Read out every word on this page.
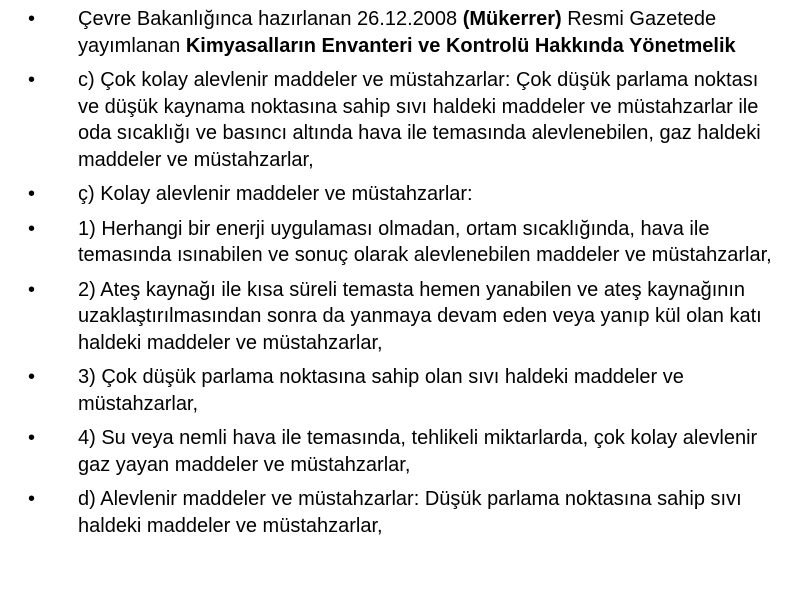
•	Çevre Bakanlığınca hazırlanan 26.12.2008 (Mükerrer) Resmi Gazetede yayımlanan Kimyasalların Envanteri ve Kontrolü Hakkında Yönetmelik
•	c) Çok kolay alevlenir maddeler ve müstahzarlar: Çok düşük parlama noktası ve düşük kaynama noktasına sahip sıvı haldeki maddeler ve müstahzarlar ile oda sıcaklığı ve basıncı altında hava ile temasında alevlenebilen, gaz haldeki maddeler ve müstahzarlar,
•	ç) Kolay alevlenir maddeler ve müstahzarlar:
•	1) Herhangi bir enerji uygulaması olmadan, ortam sıcaklığında, hava ile temasında ısınabilen ve sonuç olarak alevlenebilen maddeler ve müstahzarlar,
•	2) Ateş kaynağı ile kısa süreli temasta hemen yanabilen ve ateş kaynağının uzaklaştırılmasından sonra da yanmaya devam eden veya yanıp kül olan katı haldeki maddeler ve müstahzarlar,
•	3) Çok düşük parlama noktasına sahip olan sıvı haldeki maddeler ve müstahzarlar,
•	4) Su veya nemli hava ile temasında, tehlikeli miktarlarda, çok kolay alevlenir gaz yayan maddeler ve müstahzarlar,
•	d) Alevlenir maddeler ve müstahzarlar: Düşük parlama noktasına sahip sıvı haldeki maddeler ve müstahzarlar,
